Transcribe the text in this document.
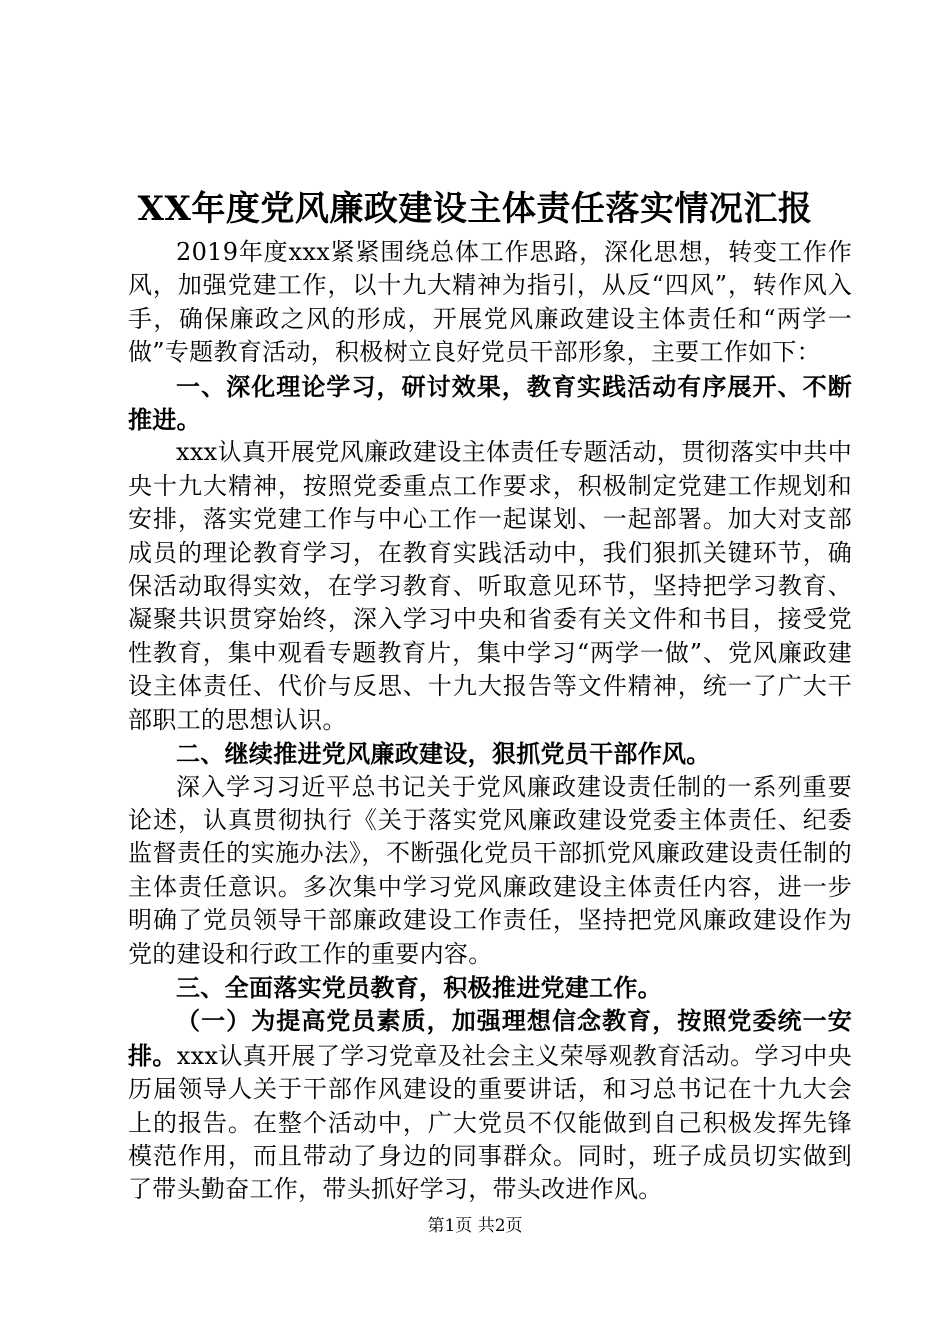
XX年度党风廉政建设主体责任落实情况汇报

2019年度xxx紧紧围绕总体工作思路，深化思想，转变工作作风，加强党建工作，以十九大精神为指引，从反“四风”，转作风入手，确保廉政之风的形成，开展党风廉政建设主体责任和“两学一做”专题教育活动，积极树立良好党员干部形象，主要工作如下：

一、深化理论学习，研讨效果，教育实践活动有序展开、不断推进。

xxx认真开展党风廉政建设主体责任专题活动，贯彻落实中共中央十九大精神，按照党委重点工作要求，积极制定党建工作规划和安排，落实党建工作与中心工作一起谋划、一起部署。加大对支部成员的理论教育学习，在教育实践活动中，我们狠抓关键环节，确保活动取得实效，在学习教育、听取意见环节，坚持把学习教育、凝聚共识贯穿始终，深入学习中央和省委有关文件和书目，接受党性教育，集中观看专题教育片，集中学习“两学一做”、党风廉政建设主体责任、代价与反思、十九大报告等文件精神，统一了广大干部职工的思想认识。

二、继续推进党风廉政建设，狠抓党员干部作风。

深入学习习近平总书记关于党风廉政建设责任制的一系列重要论述，认真贯彻执行《关于落实党风廉政建设党委主体责任、纪委监督责任的实施办法》，不断强化党员干部抓党风廉政建设责任制的主体责任意识。多次集中学习党风廉政建设主体责任内容，进一步明确了党员领导干部廉政建设工作责任，坚持把党风廉政建设作为党的建设和行政工作的重要内容。

三、全面落实党员教育，积极推进党建工作。

（一）为提高党员素质，加强理想信念教育，按照党委统一安排。xxx认真开展了学习党章及社会主义荣辱观教育活动。学习中央历届领导人关于干部作风建设的重要讲话，和习总书记在十九大会上的报告。在整个活动中，广大党员不仅能做到自己积极发挥先锋模范作用，而且带动了身边的同事群众。同时，班子成员切实做到了带头勤奋工作，带头抓好学习，带头改进作风。

第1页 共2页
